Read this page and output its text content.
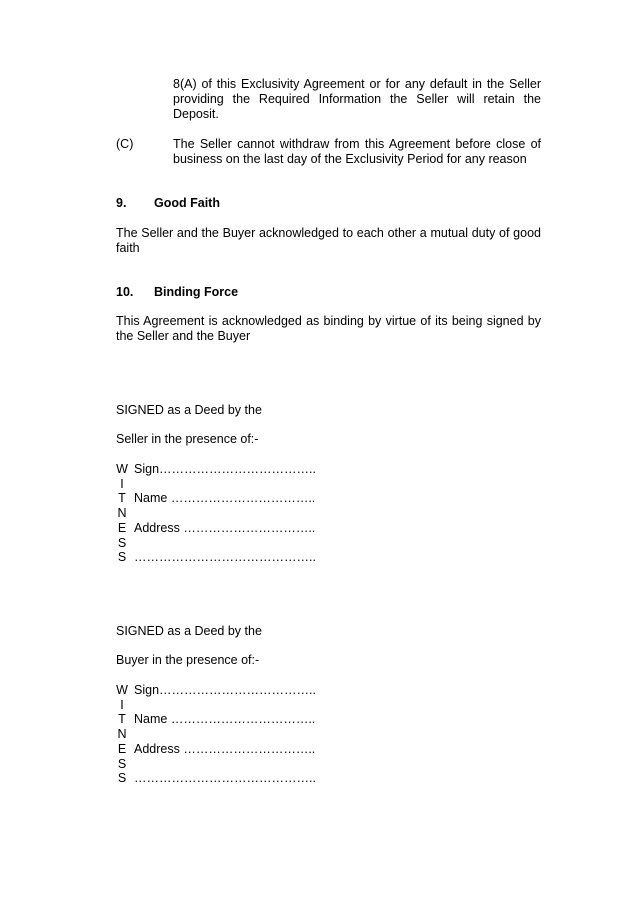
8(A) of this Exclusivity Agreement or for any default in the Seller providing the Required Information the Seller will retain the Deposit.
(C)	The Seller cannot withdraw from this Agreement before close of business on the last day of the Exclusivity Period for any reason
9. Good Faith
The Seller and the Buyer acknowledged to each other a mutual duty of good faith
10. Binding Force
This Agreement is acknowledged as binding by virtue of its being signed by the Seller and the Buyer
SIGNED as a Deed by the
Seller in the presence of:-
W
I
T
N
E
S
S
Sign………………………………..
Name ……………………………..
Address …………………………..
……………………………………..
SIGNED as a Deed by the
Buyer in the presence of:-
W
I
T
N
E
S
S
Sign………………………………..
Name ……………………………..
Address …………………………..
……………………………………..
